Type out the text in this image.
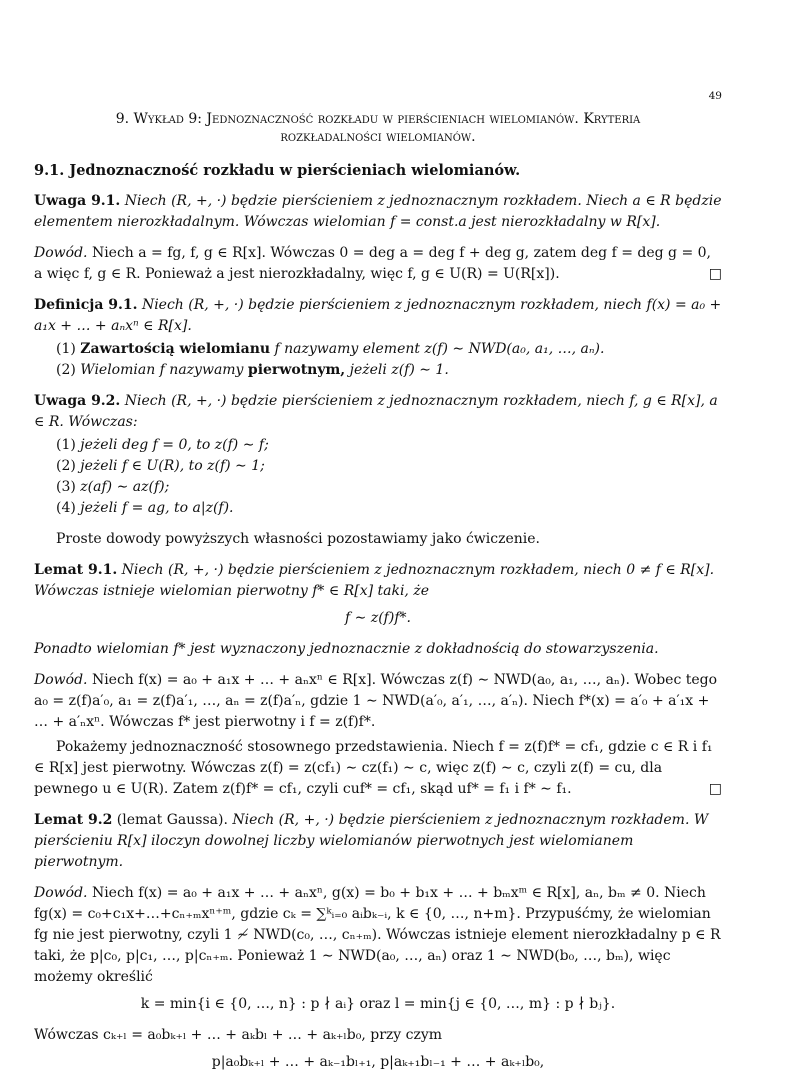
49
9. Wykład 9: Jednoznaczność rozkładu w pierścieniach wielomianów. Kryteria
rozkładalności wielomianów.
9.1. Jednoznaczność rozkładu w pierścieniach wielomianów.
Uwaga 9.1. Niech (R, +, ·) będzie pierścieniem z jednoznacznym rozkładem. Niech a ∈ R będzie elementem nierozkładalnym. Wówczas wielomian f = const.a jest nierozkładalny w R[x].
Dowód. Niech a = fg, f, g ∈ R[x]. Wówczas 0 = deg a = deg f + deg g, zatem deg f = deg g = 0, a więc f, g ∈ R. Ponieważ a jest nierozkładalny, więc f, g ∈ U(R) = U(R[x]).	□
Definicja 9.1. Niech (R, +, ·) będzie pierścieniem z jednoznacznym rozkładem, niech f(x) = a₀ + a₁x + … + aₙxⁿ ∈ R[x].
(1) Zawartością wielomianu f nazywamy element z(f) ∼ NWD(a₀, a₁, …, aₙ).
(2) Wielomian f nazywamy pierwotnym, jeżeli z(f) ∼ 1.
Uwaga 9.2. Niech (R, +, ·) będzie pierścieniem z jednoznacznym rozkładem, niech f, g ∈ R[x], a ∈ R. Wówczas:
(1) jeżeli deg f = 0, to z(f) ∼ f;
(2) jeżeli f ∈ U(R), to z(f) ∼ 1;
(3) z(af) ∼ az(f);
(4) jeżeli f = ag, to a|z(f).
Proste dowody powyższych własności pozostawiamy jako ćwiczenie.
Lemat 9.1. Niech (R, +, ·) będzie pierścieniem z jednoznacznym rozkładem, niech 0 ≠ f ∈ R[x]. Wówczas istnieje wielomian pierwotny f* ∈ R[x] taki, że
f ∼ z(f)f*.
Ponadto wielomian f* jest wyznaczony jednoznacznie z dokładnością do stowarzyszenia.
Dowód. Niech f(x) = a₀ + a₁x + … + aₙxⁿ ∈ R[x]. Wówczas z(f) ∼ NWD(a₀, a₁, …, aₙ). Wobec tego a₀ = z(f)a′₀, a₁ = z(f)a′₁, …, aₙ = z(f)a′ₙ, gdzie 1 ∼ NWD(a′₀, a′₁, …, a′ₙ). Niech f*(x) = a′₀ + a′₁x + … + a′ₙxⁿ. Wówczas f* jest pierwotny i f = z(f)f*.
Pokażemy jednoznaczność stosownego przedstawienia. Niech f = z(f)f* = cf₁, gdzie c ∈ R i f₁ ∈ R[x] jest pierwotny. Wówczas z(f) = z(cf₁) ∼ cz(f₁) ∼ c, więc z(f) ∼ c, czyli z(f) = cu, dla pewnego u ∈ U(R). Zatem z(f)f* = cf₁, czyli cuf* = cf₁, skąd uf* = f₁ i f* ∼ f₁.	□
Lemat 9.2 (lemat Gaussa). Niech (R, +, ·) będzie pierścieniem z jednoznacznym rozkładem. W pierścieniu R[x] iloczyn dowolnej liczby wielomianów pierwotnych jest wielomianem pierwotnym.
Dowód. Niech f(x) = a₀ + a₁x + … + aₙxⁿ, g(x) = b₀ + b₁x + … + bₘxᵐ ∈ R[x], aₙ, bₘ ≠ 0. Niech fg(x) = c₀+c₁x+…+cₙ₊ₘxⁿ⁺ᵐ, gdzie cₖ = ∑ᵏᵢ₌₀ aᵢbₖ₋ᵢ, k ∈ {0, …, n+m}. Przypuśćmy, że wielomian fg nie jest pierwotny, czyli 1 ≁ NWD(c₀, …, cₙ₊ₘ). Wówczas istnieje element nierozkładalny p ∈ R taki, że p|c₀, p|c₁, …, p|cₙ₊ₘ. Ponieważ 1 ∼ NWD(a₀, …, aₙ) oraz 1 ∼ NWD(b₀, …, bₘ), więc możemy określić
k = min{i ∈ {0, …, n} : p ∤ aᵢ} oraz l = min{j ∈ {0, …, m} : p ∤ bⱼ}.
Wówczas cₖ₊ₗ = a₀bₖ₊ₗ + … + aₖbₗ + … + aₖ₊ₗb₀, przy czym
p|a₀bₖ₊ₗ + … + aₖ₋₁bₗ₊₁, p|aₖ₊₁bₗ₋₁ + … + aₖ₊ₗb₀,
